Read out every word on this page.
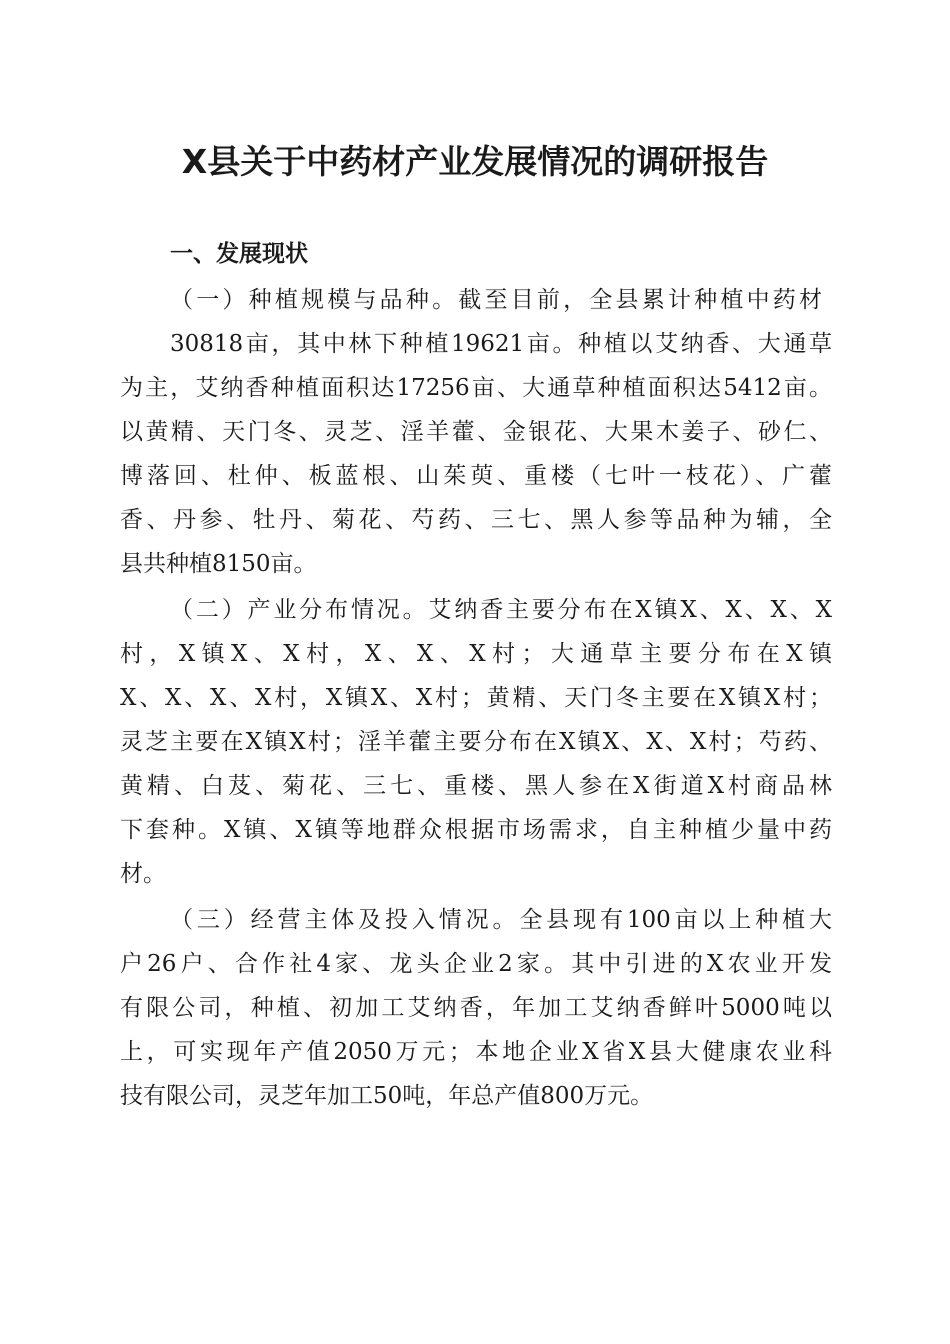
X县关于中药材产业发展情况的调研报告
一、发展现状

（一）种植规模与品种。截至目前，全县累计种植中药材

30818亩，其中林下种植19621亩。种植以艾纳香、大通草

为主，艾纳香种植面积达17256亩、大通草种植面积达5412亩。

以黄精、天门冬、灵芝、淫羊藿、金银花、大果木姜子、砂仁、

博落回、杜仲、板蓝根、山茱萸、重楼（七叶一枝花）、广藿

香、丹参、牡丹、菊花、芍药、三七、黑人参等品种为辅，全

县共种植8150亩。

（二）产业分布情况。艾纳香主要分布在X镇X、X、X、X

村，X镇X、X村，X、X、X村；大通草主要分布在X镇

X、X、X、X村，X镇X、X村；黄精、天门冬主要在X镇X村；

灵芝主要在X镇X村；淫羊藿主要分布在X镇X、X、X村；芍药、

黄精、白芨、菊花、三七、重楼、黑人参在X街道X村商品林

下套种。X镇、X镇等地群众根据市场需求，自主种植少量中药

材。

（三）经营主体及投入情况。全县现有100亩以上种植大

户26户、合作社4家、龙头企业2家。其中引进的X农业开发

有限公司，种植、初加工艾纳香，年加工艾纳香鲜叶5000吨以

上，可实现年产值2050万元；本地企业X省X县大健康农业科

技有限公司，灵芝年加工50吨，年总产值800万元。
